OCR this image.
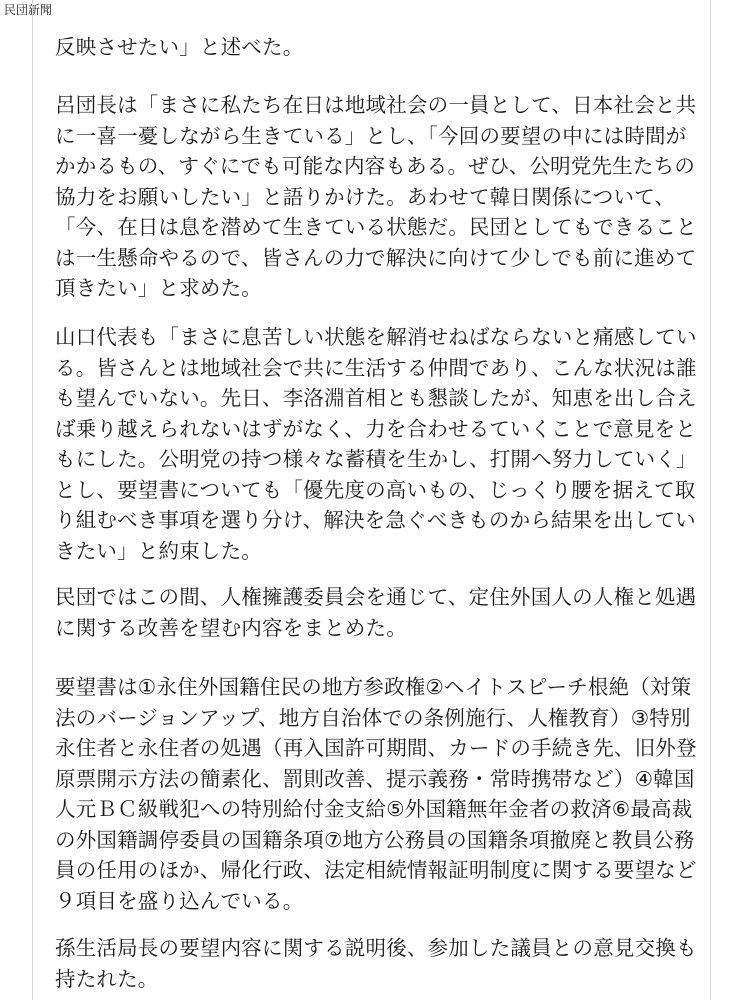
民団新聞

反映させたい」と述べた。

呂団長は「まさに私たち在日は地域社会の一員として、日本社会と共
に一喜一憂しながら生きている」とし、「今回の要望の中には時間が
かかるもの、すぐにでも可能な内容もある。ぜひ、公明党先生たちの
協力をお願いしたい」と語りかけた。あわせて韓日関係について、
「今、在日は息を潜めて生きている状態だ。民団としてもできること
は一生懸命やるので、皆さんの力で解決に向けて少しでも前に進めて
頂きたい」と求めた。

山口代表も「まさに息苦しい状態を解消せねばならないと痛感してい
る。皆さんとは地域社会で共に生活する仲間であり、こんな状況は誰
も望んでいない。先日、李洛淵首相とも懇談したが、知恵を出し合え
ば乗り越えられないはずがなく、力を合わせるていくことで意見をと
もにした。公明党の持つ様々な蓄積を生かし、打開へ努力していく」
とし、要望書についても「優先度の高いもの、じっくり腰を据えて取
り組むべき事項を選り分け、解決を急ぐべきものから結果を出してい
きたい」と約束した。

民団ではこの間、人権擁護委員会を通じて、定住外国人の人権と処遇
に関する改善を望む内容をまとめた。

要望書は①永住外国籍住民の地方参政権②ヘイトスピーチ根絶（対策
法のバージョンアップ、地方自治体での条例施行、人権教育）③特別
永住者と永住者の処遇（再入国許可期間、カードの手続き先、旧外登
原票開示方法の簡素化、罰則改善、提示義務・常時携帯など）④韓国
人元ＢＣ級戦犯への特別給付金支給⑤外国籍無年金者の救済⑥最高裁
の外国籍調停委員の国籍条項⑦地方公務員の国籍条項撤廃と教員公務
員の任用のほか、帰化行政、法定相続情報証明制度に関する要望など
９項目を盛り込んでいる。

孫生活局長の要望内容に関する説明後、参加した議員との意見交換も
持たれた。
